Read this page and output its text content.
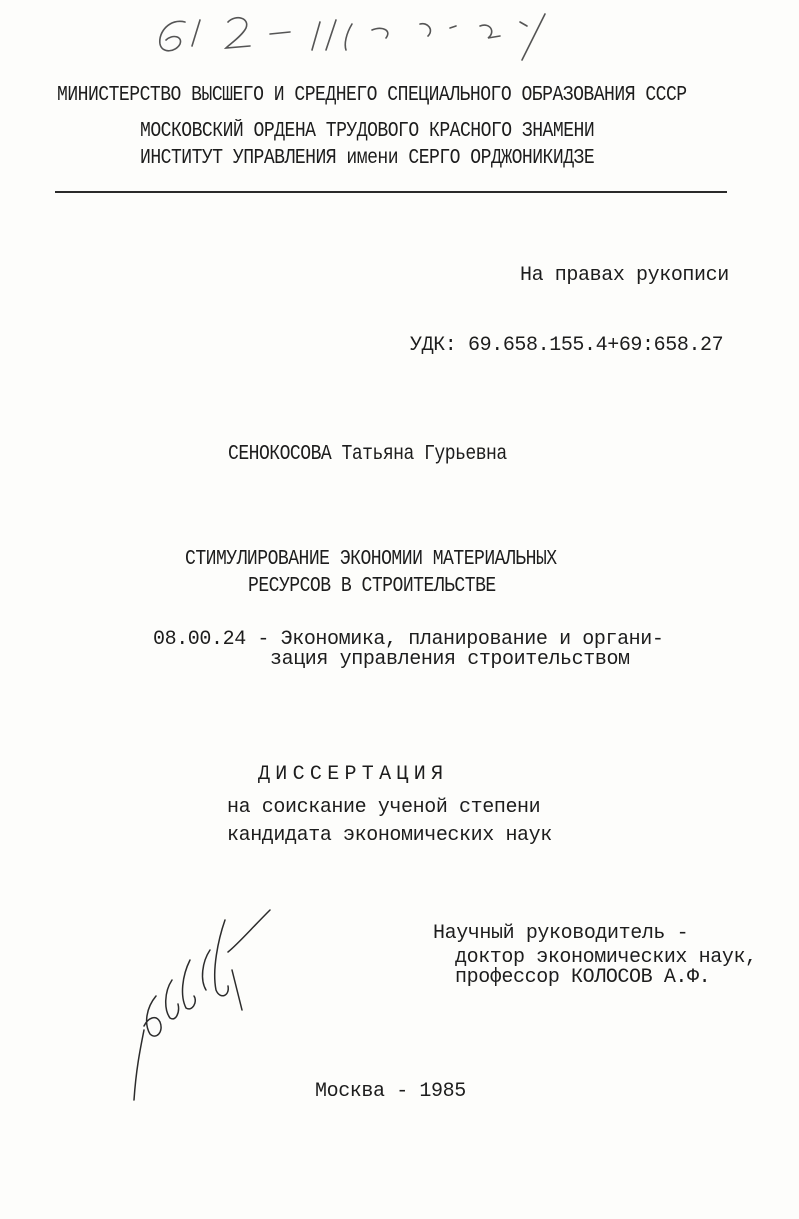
МИНИСТЕРСТВО ВЫСШЕГО И СРЕДНЕГО СПЕЦИАЛЬНОГО ОБРАЗОВАНИЯ СССР
МОСКОВСКИЙ ОРДЕНА ТРУДОВОГО КРАСНОГО ЗНАМЕНИ
ИНСТИТУТ УПРАВЛЕНИЯ имени СЕРГО ОРДЖОНИКИДЗЕ
На правах рукописи
УДК: 69.658.155.4+69:658.27
СЕНОКОСОВА Татьяна Гурьевна
СТИМУЛИРОВАНИЕ ЭКОНОМИИ МАТЕРИАЛЬНЫХ
РЕСУРСОВ В СТРОИТЕЛЬСТВЕ
08.00.24 - Экономика, планирование и органи-
зация управления строительством
ДИССЕРТАЦИЯ
на соискание ученой степени
кандидата экономических наук
Научный руководитель -
доктор экономических наук,
профессор КОЛОСОВ А.Ф.
Москва - 1985
